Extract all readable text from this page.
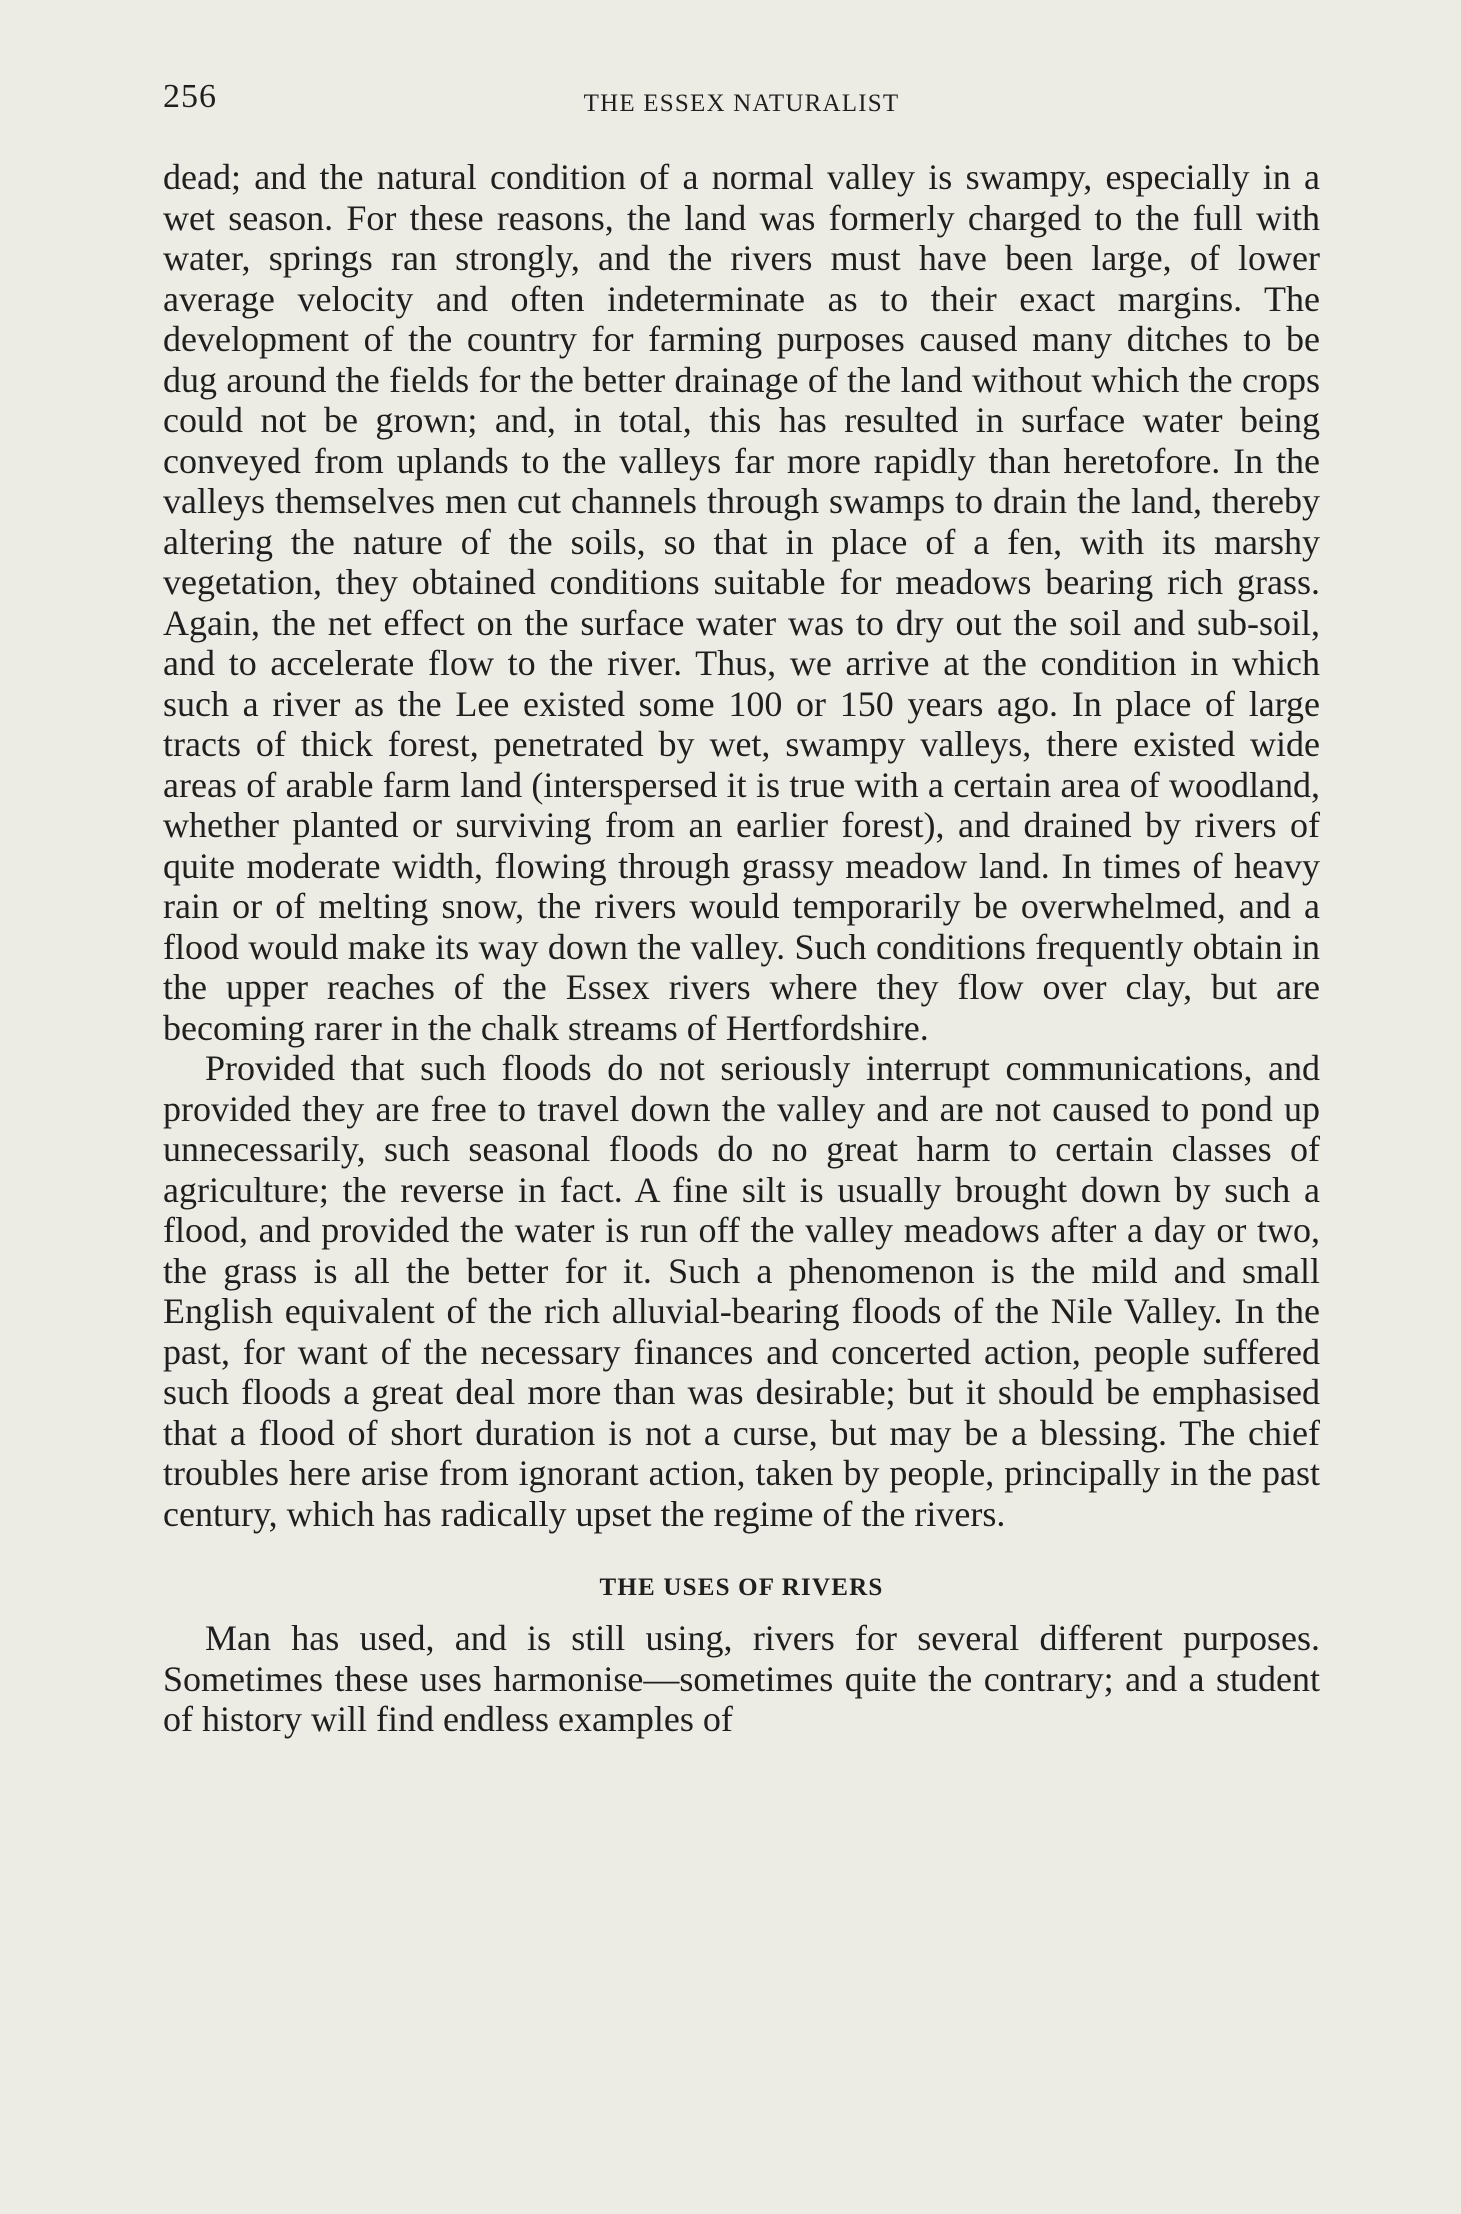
256	THE ESSEX NATURALIST

dead; and the natural condition of a normal valley is swampy, especially in a wet season. For these reasons, the land was formerly charged to the full with water, springs ran strongly, and the rivers must have been large, of lower average velocity and often indeterminate as to their exact margins. The development of the country for farming purposes caused many ditches to be dug around the fields for the better drainage of the land without which the crops could not be grown; and, in total, this has resulted in surface water being conveyed from uplands to the valleys far more rapidly than heretofore. In the valleys themselves men cut channels through swamps to drain the land, thereby altering the nature of the soils, so that in place of a fen, with its marshy vegetation, they obtained conditions suitable for meadows bearing rich grass. Again, the net effect on the surface water was to dry out the soil and sub-soil, and to accelerate flow to the river. Thus, we arrive at the condition in which such a river as the Lee existed some 100 or 150 years ago. In place of large tracts of thick forest, penetrated by wet, swampy valleys, there existed wide areas of arable farm land (interspersed it is true with a certain area of woodland, whether planted or surviving from an earlier forest), and drained by rivers of quite moderate width, flowing through grassy meadow land. In times of heavy rain or of melting snow, the rivers would temporarily be overwhelmed, and a flood would make its way down the valley. Such conditions frequently obtain in the upper reaches of the Essex rivers where they flow over clay, but are becoming rarer in the chalk streams of Hertfordshire.

Provided that such floods do not seriously interrupt communications, and provided they are free to travel down the valley and are not caused to pond up unnecessarily, such seasonal floods do no great harm to certain classes of agriculture; the reverse in fact. A fine silt is usually brought down by such a flood, and provided the water is run off the valley meadows after a day or two, the grass is all the better for it. Such a phenomenon is the mild and small English equivalent of the rich alluvial-bearing floods of the Nile Valley. In the past, for want of the necessary finances and concerted action, people suffered such floods a great deal more than was desirable; but it should be emphasised that a flood of short duration is not a curse, but may be a blessing. The chief troubles here arise from ignorant action, taken by people, principally in the past century, which has radically upset the regime of the rivers.

THE USES OF RIVERS

Man has used, and is still using, rivers for several different purposes. Sometimes these uses harmonise—sometimes quite the contrary; and a student of history will find endless examples of
